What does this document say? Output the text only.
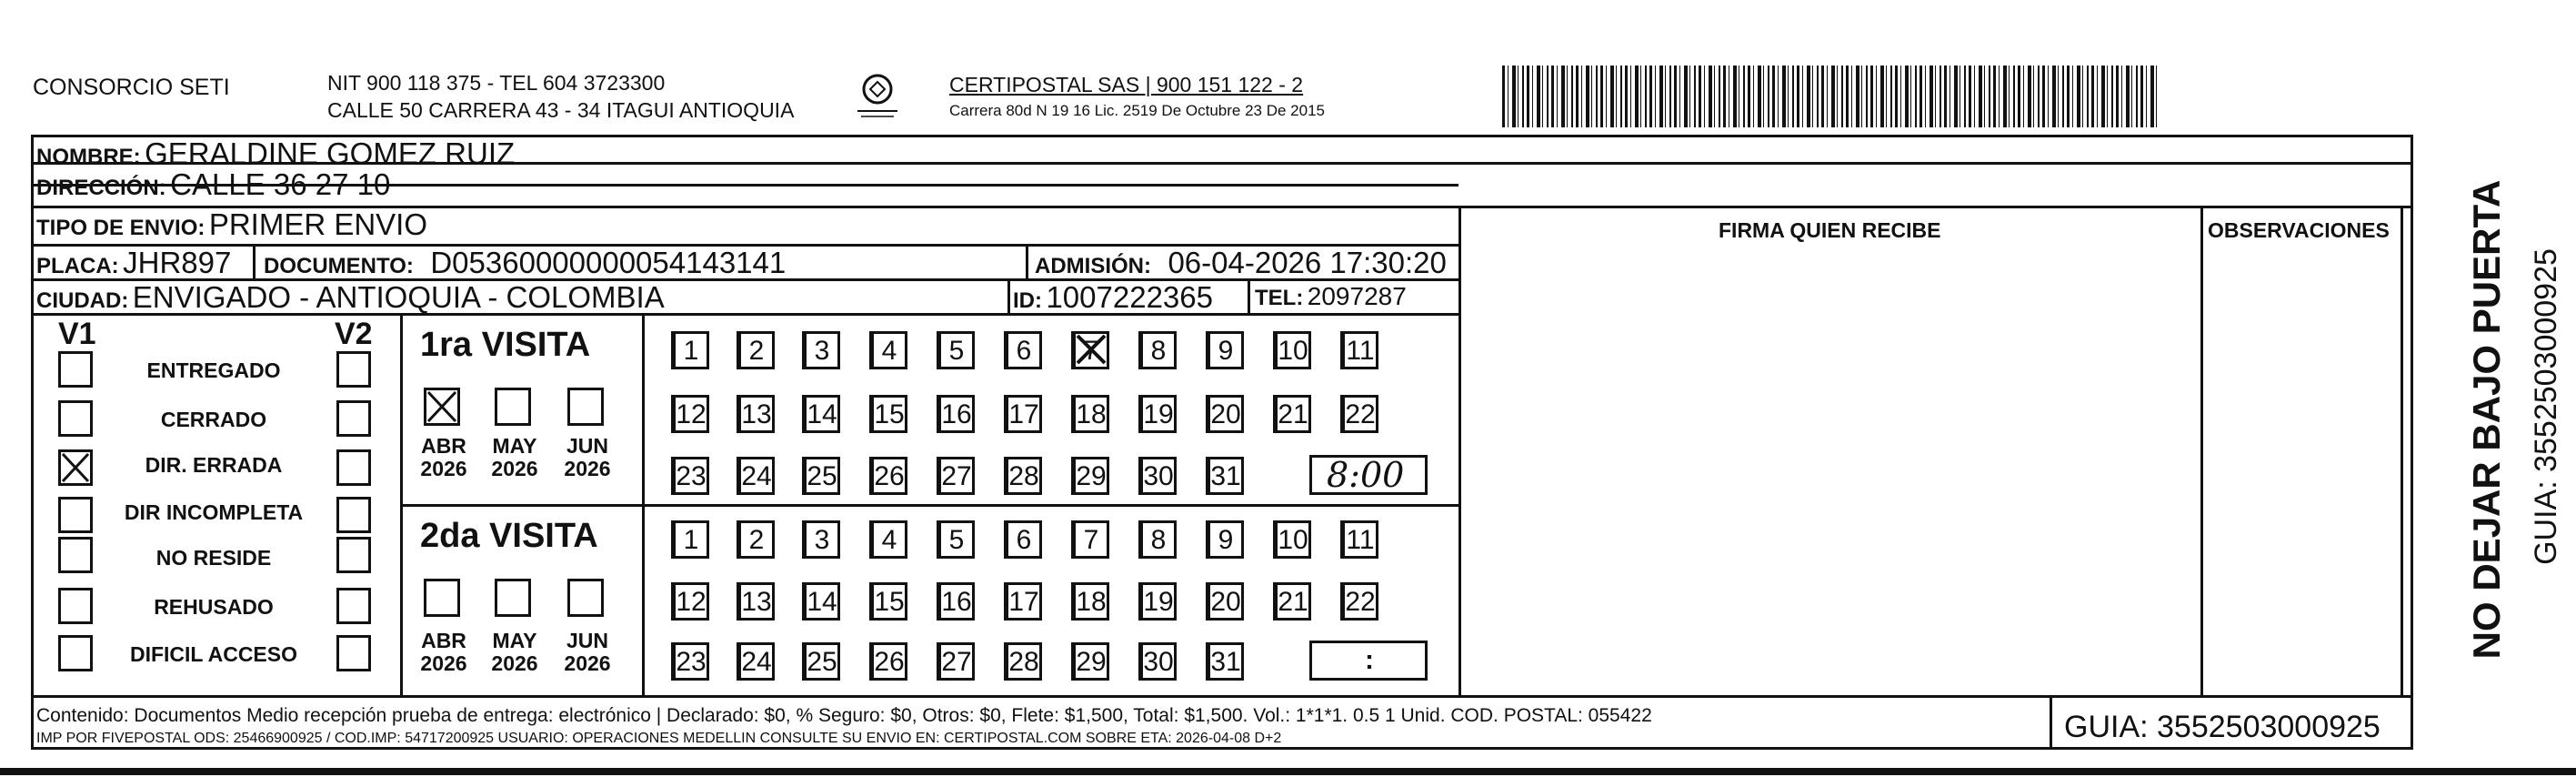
CONSORCIO SETI	NIT 900 118 375 - TEL 604 3723300
CALLE 50 CARRERA 43 - 34 ITAGUI ANTIOQUIA
CERTIPOSTAL SAS | 900 151 122 - 2
Carrera 80d N 19 16 Lic. 2519 De Octubre 23 De 2015
NOMBRE: GERALDINE GOMEZ RUIZ
DIRECCIÓN: CALLE 36 27 10
TIPO DE ENVIO: PRIMER ENVIO
PLACA: JHR897 DOCUMENTO: D05360000000054143141	ADMISIÓN: 06-04-2026 17:30:20
CIUDAD: ENVIGADO - ANTIOQUIA - COLOMBIA	ID: 1007222365 TEL: 2097287
FIRMA QUIEN RECIBE	OBSERVACIONES
V1	V2
ENTREGADO
CERRADO
DIR. ERRADA
DIR INCOMPLETA
NO RESIDE
REHUSADO
DIFICIL ACCESO
1ra VISITA
2da VISITA
ABR
2026
MAY
2026
JUN
2026
ABR
2026
MAY
2026
JUN
2026
8:00
:
Contenido: Documentos Medio recepción prueba de entrega: electrónico | Declarado: $0, % Seguro: $0, Otros: $0, Flete: $1,500, Total: $1,500. Vol.: 1*1*1. 0.5 1 Unid. COD. POSTAL: 055422
IMP POR FIVEPOSTAL ODS: 25466900925 / COD.IMP: 54717200925 USUARIO: OPERACIONES MEDELLIN CONSULTE SU ENVIO EN: CERTIPOSTAL.COM SOBRE ETA: 2026-04-08 D+2	GUIA: 3552503000925
NO DEJAR BAJO PUERTA GUIA: 3552503000925
1	2	3	4	5	6	7	8	9	10 11
12 13 14 15 16 17 18 19 20 21 22
23 24 25 26 27 28 29 30 31
1	2	3	4	5	6	7	8	9	10 11
12 13 14 15 16 17 18 19 20 21 22
23 24 25 26 27 28 29 30 31
